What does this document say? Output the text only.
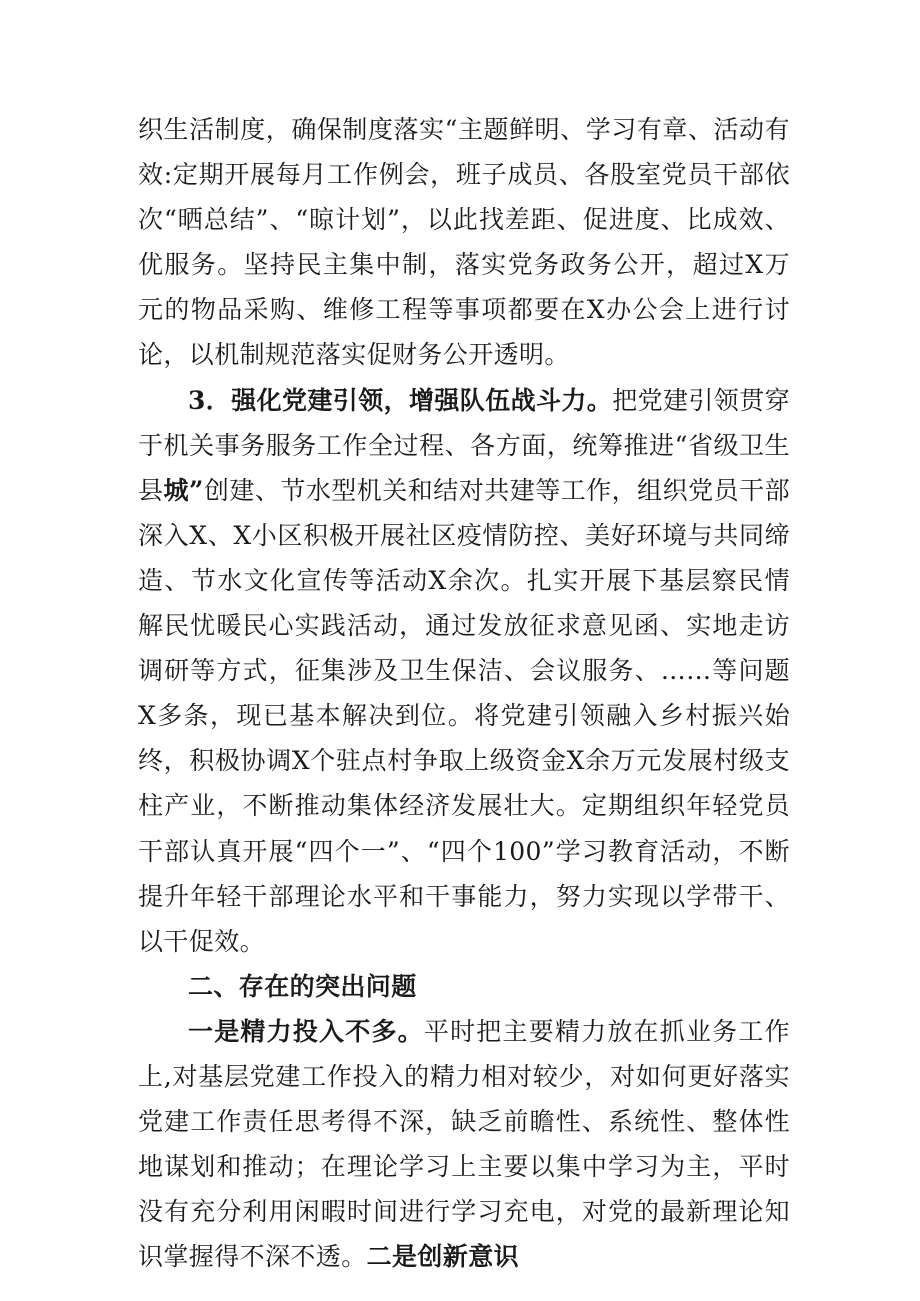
织生活制度，确保制度落实“主题鲜明、学习有章、活动有效:定期开展每月工作例会，班子成员、各股室党员干部依次“晒总结”、“晾计划”，以此找差距、促进度、比成效、优服务。坚持民主集中制，落实党务政务公开，超过X万元的物品采购、维修工程等事项都要在X办公会上进行讨论，以机制规范落实促财务公开透明。

3．强化党建引领，增强队伍战斗力。把党建引领贯穿于机关事务服务工作全过程、各方面，统筹推进“省级卫生县城”创建、节水型机关和结对共建等工作，组织党员干部深入X、X小区积极开展社区疫情防控、美好环境与共同缔造、节水文化宣传等活动X余次。扎实开展下基层察民情解民忧暖民心实践活动，通过发放征求意见函、实地走访调研等方式，征集涉及卫生保洁、会议服务、……等问题X多条，现已基本解决到位。将党建引领融入乡村振兴始终，积极协调X个驻点村争取上级资金X余万元发展村级支柱产业，不断推动集体经济发展壮大。定期组织年轻党员干部认真开展“四个一”、“四个100”学习教育活动，不断提升年轻干部理论水平和干事能力，努力实现以学带干、以干促效。

二、存在的突出问题

一是精力投入不多。平时把主要精力放在抓业务工作上,对基层党建工作投入的精力相对较少，对如何更好落实党建工作责任思考得不深，缺乏前瞻性、系统性、整体性地谋划和推动；在理论学习上主要以集中学习为主，平时没有充分利用闲暇时间进行学习充电，对党的最新理论知识掌握得不深不透。二是创新意识
